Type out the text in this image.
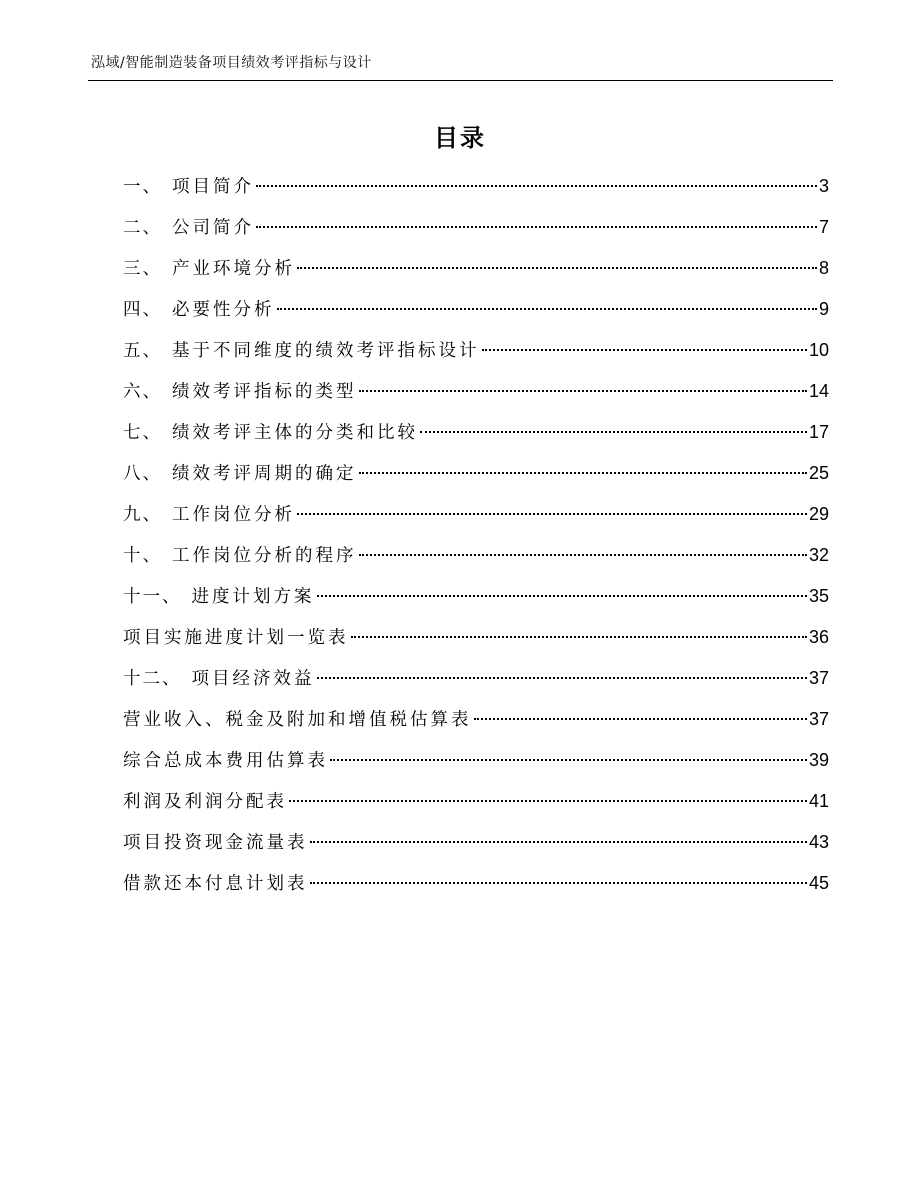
泓域/智能制造装备项目绩效考评指标与设计
目录
一、 项目简介	3
二、 公司简介	7
三、 产业环境分析	8
四、 必要性分析	9
五、 基于不同维度的绩效考评指标设计	10
六、 绩效考评指标的类型	14
七、 绩效考评主体的分类和比较	17
八、 绩效考评周期的确定	25
九、 工作岗位分析	29
十、 工作岗位分析的程序	32
十一、 进度计划方案	35
项目实施进度计划一览表	36
十二、 项目经济效益	37
营业收入、税金及附加和增值税估算表	37
综合总成本费用估算表	39
利润及利润分配表	41
项目投资现金流量表	43
借款还本付息计划表	45
